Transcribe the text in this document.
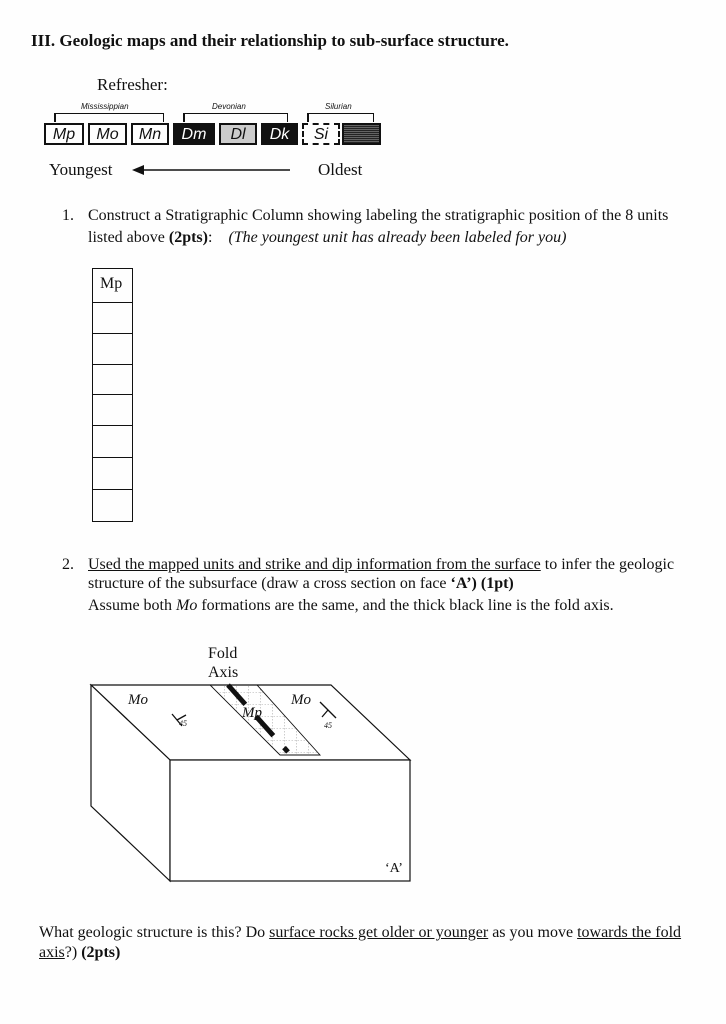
III. Geologic maps and their relationship to sub-surface structure.
Refresher:
Mississippian	Devonian	Silurian
Mp	Mo	Mn	Dm	Dl	Dk	Si
Youngest	Oldest
1. Construct a Stratigraphic Column showing labeling the stratigraphic position of the 8 units
listed above (2pts): (The youngest unit has already been labeled for you)
Mp
2. Used the mapped units and strike and dip information from the surface to infer the geologic
structure of the subsurface (draw a cross section on face ‘A’) (1pt)
Assume both Mo formations are the same, and the thick black line is the fold axis.
Fold
Axis
Mo	Mo
Mp
45	45
‘A’
What geologic structure is this? Do surface rocks get older or younger as you move towards the fold
axis?) (2pts)
